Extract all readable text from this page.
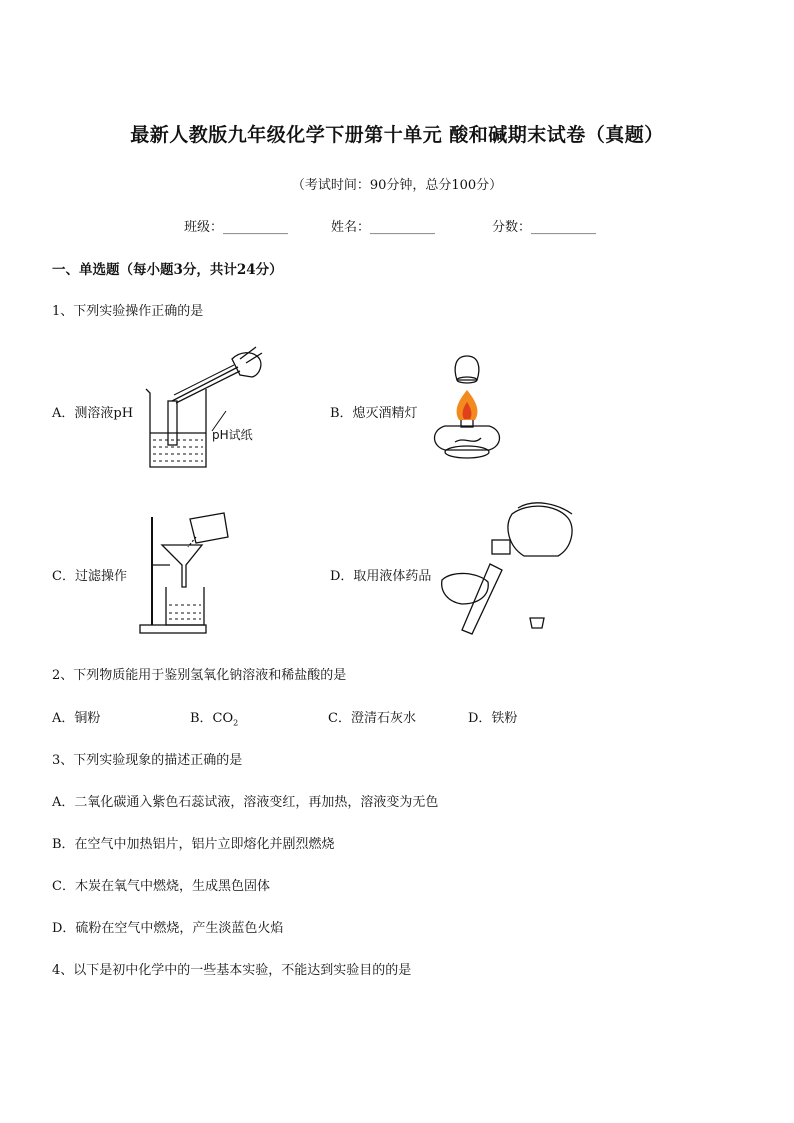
最新人教版九年级化学下册第十单元 酸和碱期末试卷（真题）
（考试时间：90分钟，总分100分）
班级：__________	姓名：__________	分数：__________
一、单选题（每小题3分，共计24分）
1、下列实验操作正确的是
A．测溶液pH	B．熄灭酒精灯
C．过滤操作	D．取用液体药品
pH试纸
2、下列物质能用于鉴别氢氧化钠溶液和稀盐酸的是
A．铜粉	B．$CO_2$	C．澄清石灰水	D．铁粉
3、下列实验现象的描述正确的是
A．二氧化碳通入紫色石蕊试液，溶液变红，再加热，溶液变为无色
B．在空气中加热铝片，铝片立即熔化并剧烈燃烧
C．木炭在氧气中燃烧，生成黑色固体
D．硫粉在空气中燃烧，产生淡蓝色火焰
4、以下是初中化学中的一些基本实验，不能达到实验目的的是
